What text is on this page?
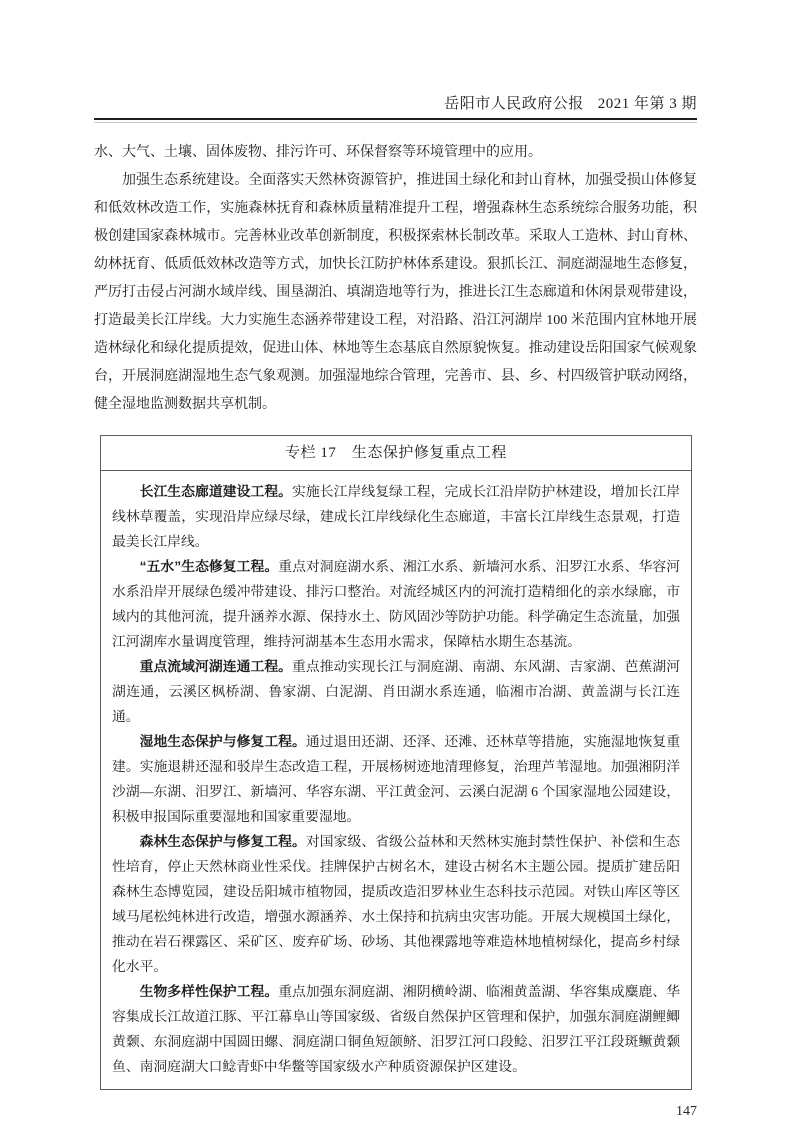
岳阳市人民政府公报 2021 年第 3 期

水、大气、土壤、固体废物、排污许可、环保督察等环境管理中的应用。

加强生态系统建设。全面落实天然林资源管护，推进国土绿化和封山育林，加强受损山体修复和低效林改造工作，实施森林抚育和森林质量精准提升工程，增强森林生态系统综合服务功能，积极创建国家森林城市。完善林业改革创新制度，积极探索林长制改革。采取人工造林、封山育林、幼林抚育、低质低效林改造等方式，加快长江防护林体系建设。狠抓长江、洞庭湖湿地生态修复，严厉打击侵占河湖水域岸线、围垦湖泊、填湖造地等行为，推进长江生态廊道和休闲景观带建设，打造最美长江岸线。大力实施生态涵养带建设工程，对沿路、沿江河湖岸 100 米范围内宜林地开展造林绿化和绿化提质提效，促进山体、林地等生态基底自然原貌恢复。推动建设岳阳国家气候观象台，开展洞庭湖湿地生态气象观测。加强湿地综合管理，完善市、县、乡、村四级管护联动网络，健全湿地监测数据共享机制。

专栏 17　生态保护修复重点工程

长江生态廊道建设工程。实施长江岸线复绿工程，完成长江沿岸防护林建设，增加长江岸线林草覆盖，实现沿岸应绿尽绿，建成长江岸线绿化生态廊道，丰富长江岸线生态景观，打造最美长江岸线。

“五水”生态修复工程。重点对洞庭湖水系、湘江水系、新墙河水系、汨罗江水系、华容河水系沿岸开展绿色缓冲带建设、排污口整治。对流经城区内的河流打造精细化的亲水绿廊，市域内的其他河流，提升涵养水源、保持水土、防风固沙等防护功能。科学确定生态流量，加强江河湖库水量调度管理，维持河湖基本生态用水需求，保障枯水期生态基流。

重点流域河湖连通工程。重点推动实现长江与洞庭湖、南湖、东风湖、吉家湖、芭蕉湖河湖连通，云溪区枫桥湖、鲁家湖、白泥湖、肖田湖水系连通，临湘市冶湖、黄盖湖与长江连通。

湿地生态保护与修复工程。通过退田还湖、还泽、还滩、还林草等措施，实施湿地恢复重建。实施退耕还湿和驳岸生态改造工程，开展杨树迹地清理修复，治理芦苇湿地。加强湘阴洋沙湖—东湖、汨罗江、新墙河、华容东湖、平江黄金河、云溪白泥湖 6 个国家湿地公园建设，积极申报国际重要湿地和国家重要湿地。

森林生态保护与修复工程。对国家级、省级公益林和天然林实施封禁性保护、补偿和生态性培育，停止天然林商业性采伐。挂牌保护古树名木，建设古树名木主题公园。提质扩建岳阳森林生态博览园，建设岳阳城市植物园，提质改造汨罗林业生态科技示范园。对铁山库区等区域马尾松纯林进行改造，增强水源涵养、水土保持和抗病虫灾害功能。开展大规模国土绿化，推动在岩石裸露区、采矿区、废弃矿场、砂场、其他裸露地等难造林地植树绿化，提高乡村绿化水平。

生物多样性保护工程。重点加强东洞庭湖、湘阴横岭湖、临湘黄盖湖、华容集成麋鹿、华容集成长江故道江豚、平江幕阜山等国家级、省级自然保护区管理和保护，加强东洞庭湖鲤鲫黄颡、东洞庭湖中国圆田螺、洞庭湖口铜鱼短颌鲚、汨罗江河口段鲶、汨罗江平江段斑鳜黄颡鱼、南洞庭湖大口鲶青虾中华鳖等国家级水产种质资源保护区建设。

147
